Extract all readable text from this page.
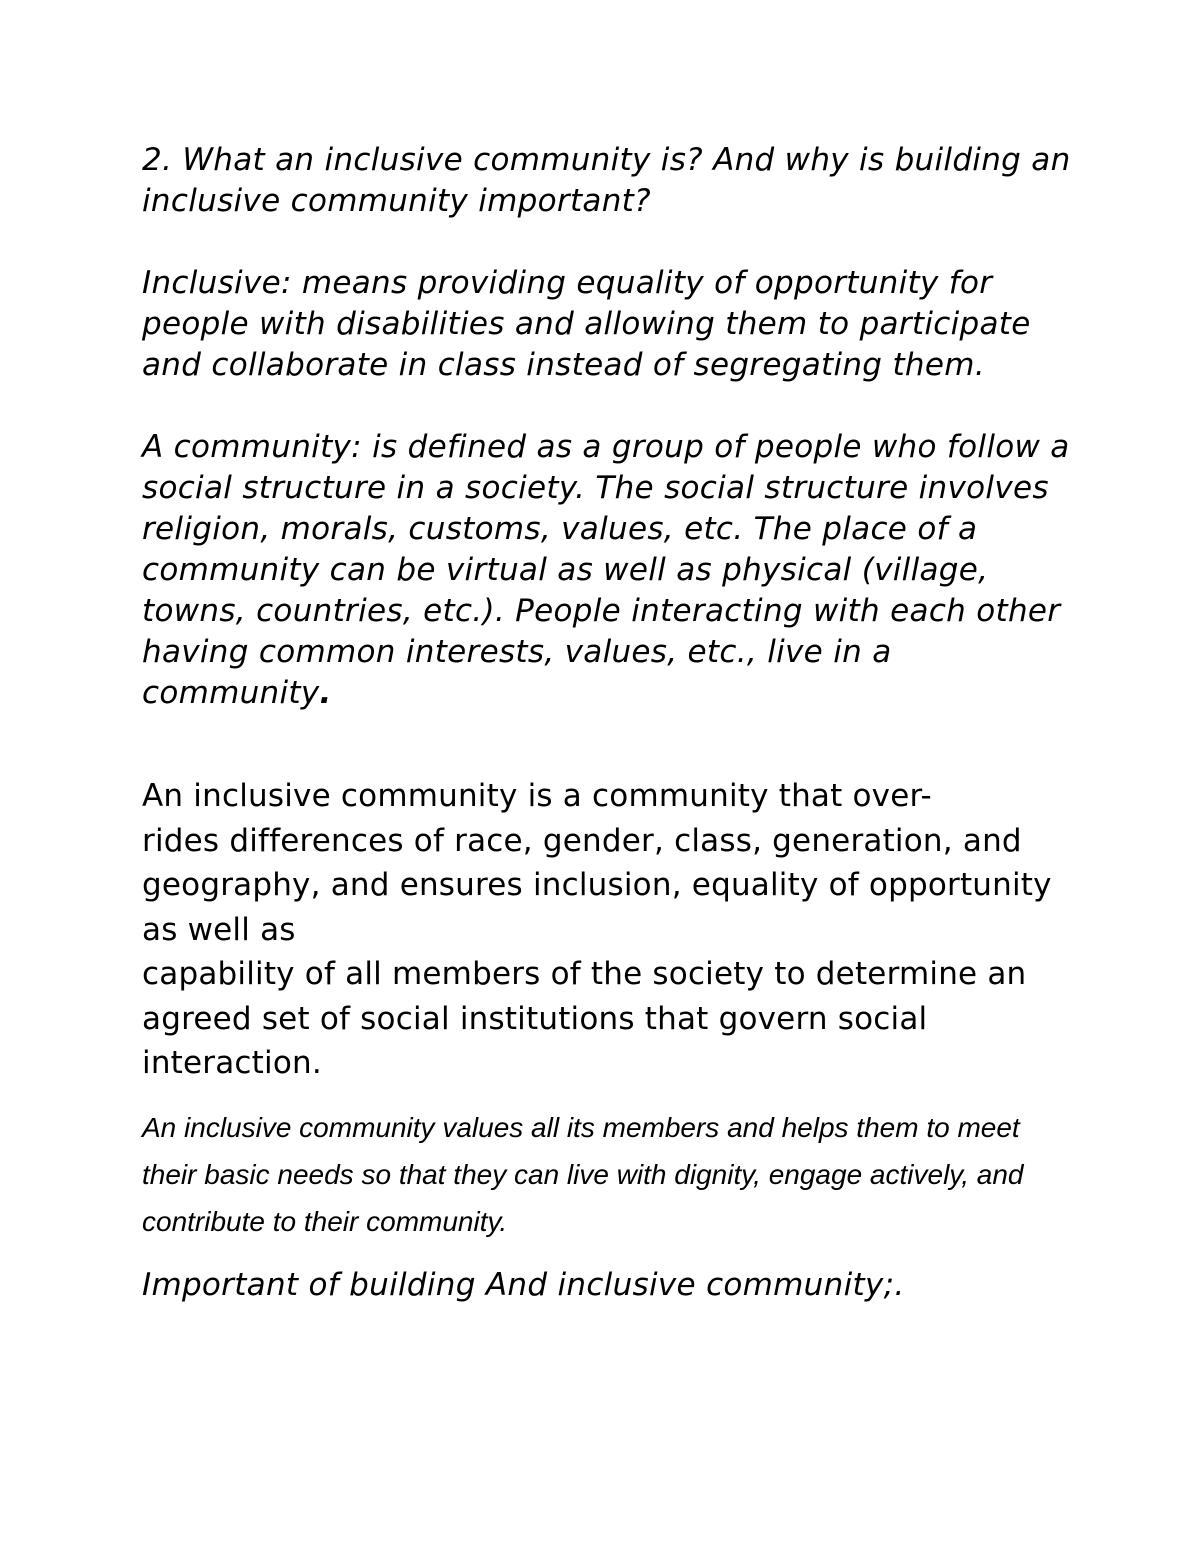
2. What an inclusive community is? And why is building an inclusive community important?

Inclusive: means providing equality of opportunity for people with disabilities and allowing them to participate and collaborate in class instead of segregating them.

A community: is defined as a group of people who follow a social structure in a society. The social structure involves religion, morals, customs, values, etc. The place of a community can be virtual as well as physical (village, towns, countries, etc.). People interacting with each other having common interests, values, etc., live in a community.

An inclusive community is a community that over-
rides differences of race, gender, class, generation, and geography, and ensures inclusion, equality of opportunity as well as
capability of all members of the society to determine an agreed set of social institutions that govern social interaction.

An inclusive community values all its members and helps them to meet their basic needs so that they can live with dignity, engage actively, and contribute to their community.

Important of building And inclusive community;.
